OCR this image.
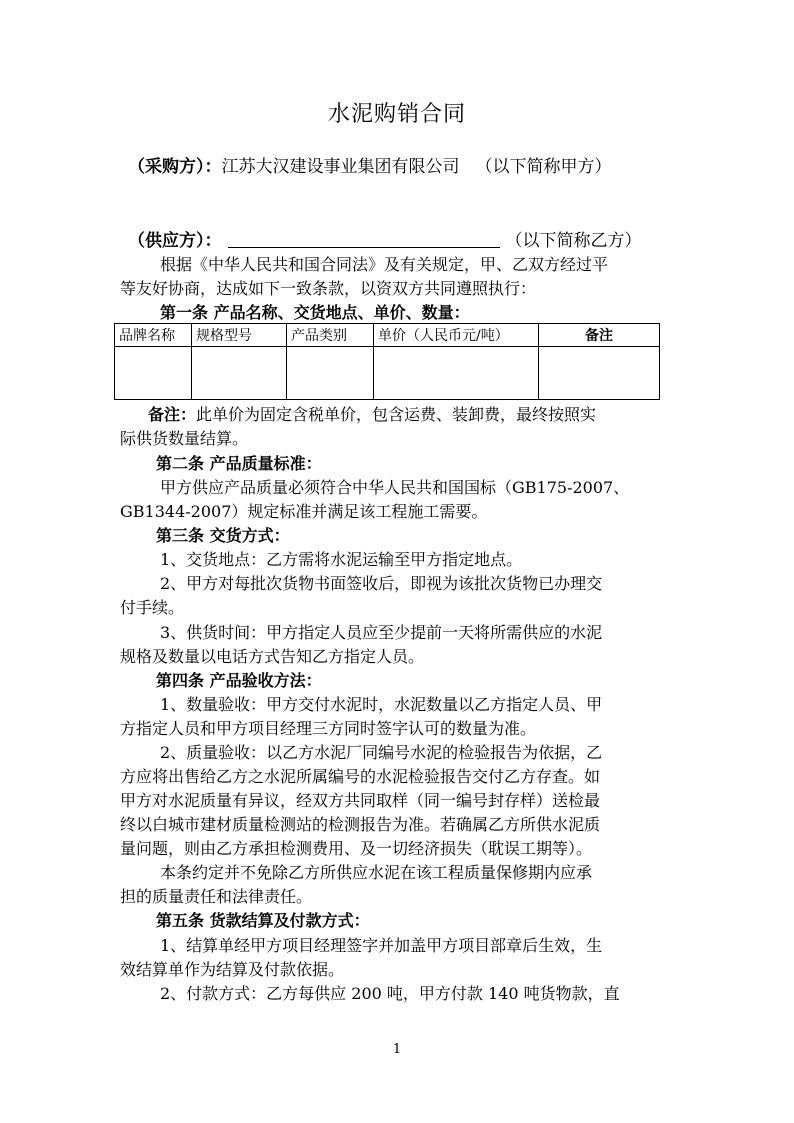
水泥购销合同
（采购方）：江苏大汉建设事业集团有限公司 （以下简称甲方）
（供应方）：	（以下简称乙方）
根据《中华人民共和国合同法》及有关规定，甲、乙双方经过平
等友好协商，达成如下一致条款，以资双方共同遵照执行：
第一条 产品名称、交货地点、单价、数量：
品牌名称	规格型号	产品类别	单价（人民币元/吨）	备注

备注：此单价为固定含税单价，包含运费、装卸费，最终按照实
际供货数量结算。
第二条 产品质量标准：
甲方供应产品质量必须符合中华人民共和国国标（GB175-2007、
GB1344-2007）规定标准并满足该工程施工需要。
第三条 交货方式：
1、交货地点：乙方需将水泥运输至甲方指定地点。
2、甲方对每批次货物书面签收后，即视为该批次货物已办理交
付手续。
3、供货时间：甲方指定人员应至少提前一天将所需供应的水泥
规格及数量以电话方式告知乙方指定人员。
第四条 产品验收方法：
1、数量验收：甲方交付水泥时，水泥数量以乙方指定人员、甲
方指定人员和甲方项目经理三方同时签字认可的数量为准。
2、质量验收：以乙方水泥厂同编号水泥的检验报告为依据，乙
方应将出售给乙方之水泥所属编号的水泥检验报告交付乙方存查。如
甲方对水泥质量有异议，经双方共同取样（同一编号封存样）送检最
终以白城市建材质量检测站的检测报告为准。若确属乙方所供水泥质
量问题，则由乙方承担检测费用、及一切经济损失（耽误工期等）。
本条约定并不免除乙方所供应水泥在该工程质量保修期内应承
担的质量责任和法律责任。
第五条 货款结算及付款方式：
1、结算单经甲方项目经理签字并加盖甲方项目部章后生效，生
效结算单作为结算及付款依据。
2、付款方式：乙方每供应 200 吨，甲方付款 140 吨货物款，直
1
